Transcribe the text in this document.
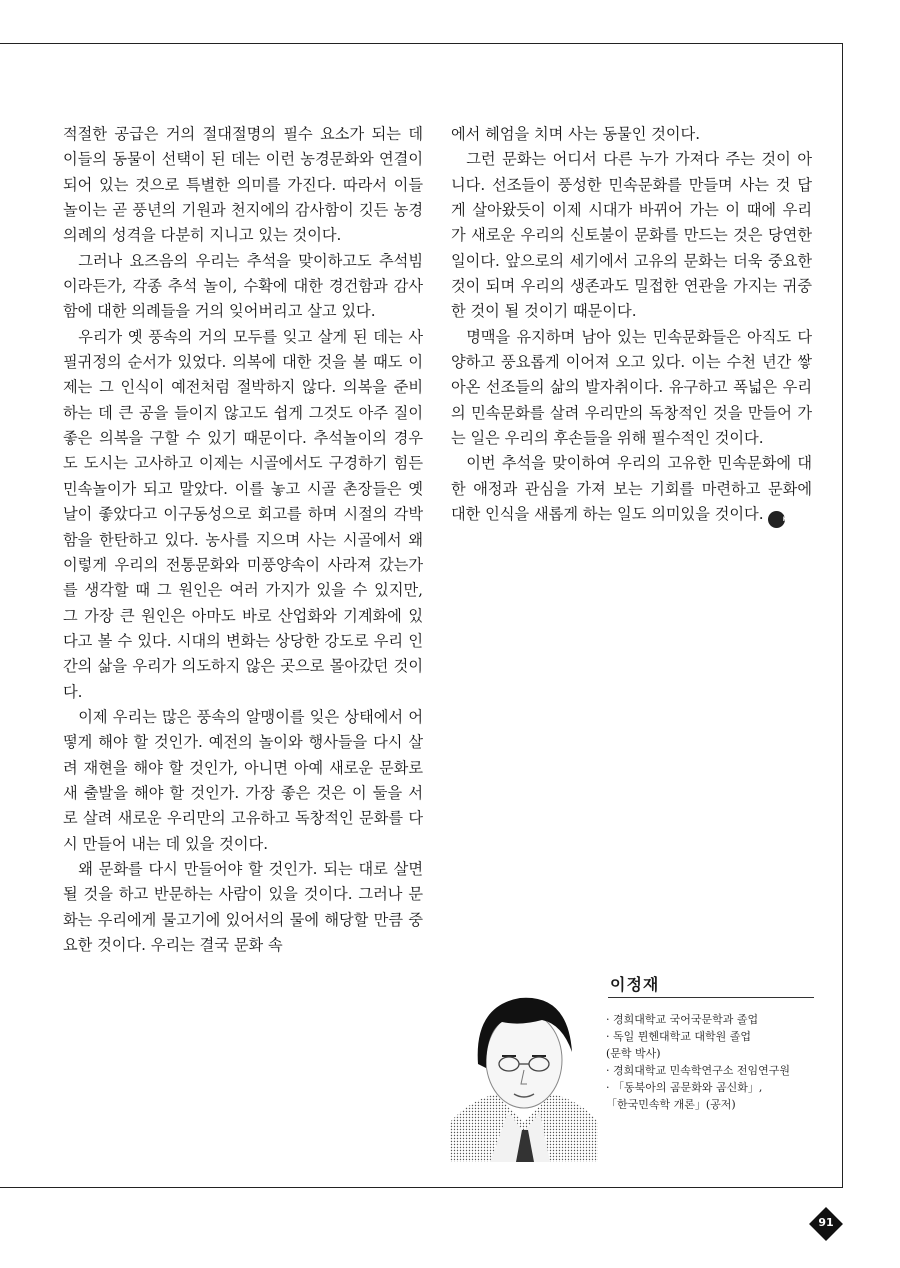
적절한 공급은 거의 절대절명의 필수 요소가 되는 데 이들의 동물이 선택이 된 데는 이런 농경문화와 연결이 되어 있는 것으로 특별한 의미를 가진다. 따라서 이들 놀이는 곧 풍년의 기원과 천지에의 감사함이 깃든 농경의례의 성격을 다분히 지니고 있는 것이다.

그러나 요즈음의 우리는 추석을 맞이하고도 추석빔이라든가, 각종 추석 놀이, 수확에 대한 경건함과 감사함에 대한 의례들을 거의 잊어버리고 살고 있다.

우리가 옛 풍속의 거의 모두를 잊고 살게 된 데는 사필귀정의 순서가 있었다. 의복에 대한 것을 볼 때도 이제는 그 인식이 예전처럼 절박하지 않다. 의복을 준비하는 데 큰 공을 들이지 않고도 쉽게 그것도 아주 질이 좋은 의복을 구할 수 있기 때문이다. 추석놀이의 경우도 도시는 고사하고 이제는 시골에서도 구경하기 힘든 민속놀이가 되고 말았다. 이를 놓고 시골 촌장들은 옛날이 좋았다고 이구동성으로 회고를 하며 시절의 각박함을 한탄하고 있다. 농사를 지으며 사는 시골에서 왜 이렇게 우리의 전통문화와 미풍양속이 사라져 갔는가를 생각할 때 그 원인은 여러 가지가 있을 수 있지만, 그 가장 큰 원인은 아마도 바로 산업화와 기계화에 있다고 볼 수 있다. 시대의 변화는 상당한 강도로 우리 인간의 삶을 우리가 의도하지 않은 곳으로 몰아갔던 것이다.

이제 우리는 많은 풍속의 알맹이를 잊은 상태에서 어떻게 해야 할 것인가. 예전의 놀이와 행사들을 다시 살려 재현을 해야 할 것인가, 아니면 아예 새로운 문화로 새 출발을 해야 할 것인가. 가장 좋은 것은 이 둘을 서로 살려 새로운 우리만의 고유하고 독창적인 문화를 다시 만들어 내는 데 있을 것이다.

왜 문화를 다시 만들어야 할 것인가. 되는 대로 살면 될 것을 하고 반문하는 사람이 있을 것이다. 그러나 문화는 우리에게 물고기에 있어서의 물에 해당할 만큼 중요한 것이다. 우리는 결국 문화 속

에서 헤엄을 치며 사는 동물인 것이다.

그런 문화는 어디서 다른 누가 가져다 주는 것이 아니다. 선조들이 풍성한 민속문화를 만들며 사는 것 답게 살아왔듯이 이제 시대가 바뀌어 가는 이 때에 우리가 새로운 우리의 신토불이 문화를 만드는 것은 당연한 일이다. 앞으로의 세기에서 고유의 문화는 더욱 중요한 것이 되며 우리의 생존과도 밀접한 연관을 가지는 귀중한 것이 될 것이기 때문이다.

명맥을 유지하며 남아 있는 민속문화들은 아직도 다양하고 풍요롭게 이어져 오고 있다. 이는 수천 년간 쌓아온 선조들의 삶의 발자취이다. 유구하고 폭넓은 우리의 민속문화를 살려 우리만의 독창적인 것을 만들어 가는 일은 우리의 후손들을 위해 필수적인 것이다.

이번 추석을 맞이하여 우리의 고유한 민속문화에 대한 애정과 관심을 가져 보는 기회를 마련하고 문화에 대한 인식을 새롭게 하는 일도 의미있을 것이다.	KED

이정재
· 경희대학교 국어국문학과 졸업
· 독일 뮌헨대학교 대학원 졸업
(문학 박사)
· 경희대학교 민속학연구소 전임연구원
· 「동북아의 곰문화와 곰신화」,
「한국민속학 개론」(공저)
91
